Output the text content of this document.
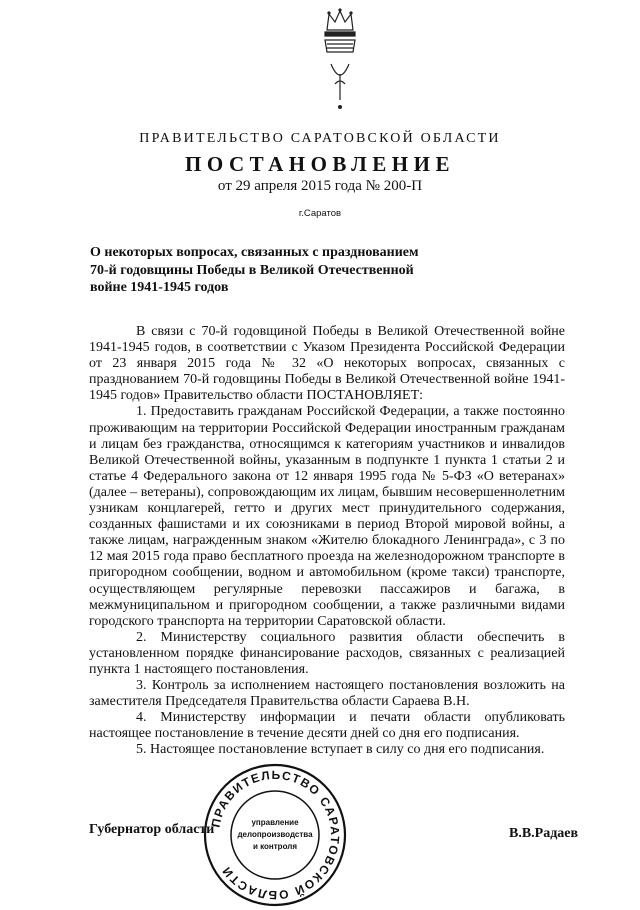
ПРАВИТЕЛЬСТВО САРАТОВСКОЙ ОБЛАСТИ
ПОСТАНОВЛЕНИЕ
от 29 апреля 2015 года № 200-П
г.Саратов
О некоторых вопросах, связанных с празднованием
70-й годовщины Победы в Великой Отечественной
войне 1941-1945 годов

В связи с 70-й годовщиной Победы в Великой Отечественной войне 1941-1945 годов, в соответствии с Указом Президента Российской Федерации от 23 января 2015 года № 32 «О некоторых вопросах, связанных с празднованием 70-й годовщины Победы в Великой Отечественной войне 1941-1945 годов» Правительство области ПОСТАНОВЛЯЕТ:

1. Предоставить гражданам Российской Федерации, а также постоянно проживающим на территории Российской Федерации иностранным гражданам и лицам без гражданства, относящимся к категориям участников и инвалидов Великой Отечественной войны, указанным в подпункте 1 пункта 1 статьи 2 и статье 4 Федерального закона от 12 января 1995 года № 5-ФЗ «О ветеранах» (далее – ветераны), сопровождающим их лицам, бывшим несовершеннолетним узникам концлагерей, гетто и других мест принудительного содержания, созданных фашистами и их союзниками в период Второй мировой войны, а также лицам, награжденным знаком «Жителю блокадного Ленинграда», с 3 по 12 мая 2015 года право бесплатного проезда на железнодорожном транспорте в пригородном сообщении, водном и автомобильном (кроме такси) транспорте, осуществляющем регулярные перевозки пассажиров и багажа, в межмуниципальном и пригородном сообщении, а также различными видами городского транспорта на территории Саратовской области.

2. Министерству социального развития области обеспечить в установленном порядке финансирование расходов, связанных с реализацией пункта 1 настоящего постановления.

3. Контроль за исполнением настоящего постановления возложить на заместителя Председателя Правительства области Сараева В.Н.

4. Министерству информации и печати области опубликовать настоящее постановление в течение десяти дней со дня его подписания.

5. Настоящее постановление вступает в силу со дня его подписания.

Губернатор области	В.В.Радаев
ПРАВИТЕЛЬСТВО САРАТОВСКОЙ ОБЛАСТИ
управление
делопроизводства
и контроля
